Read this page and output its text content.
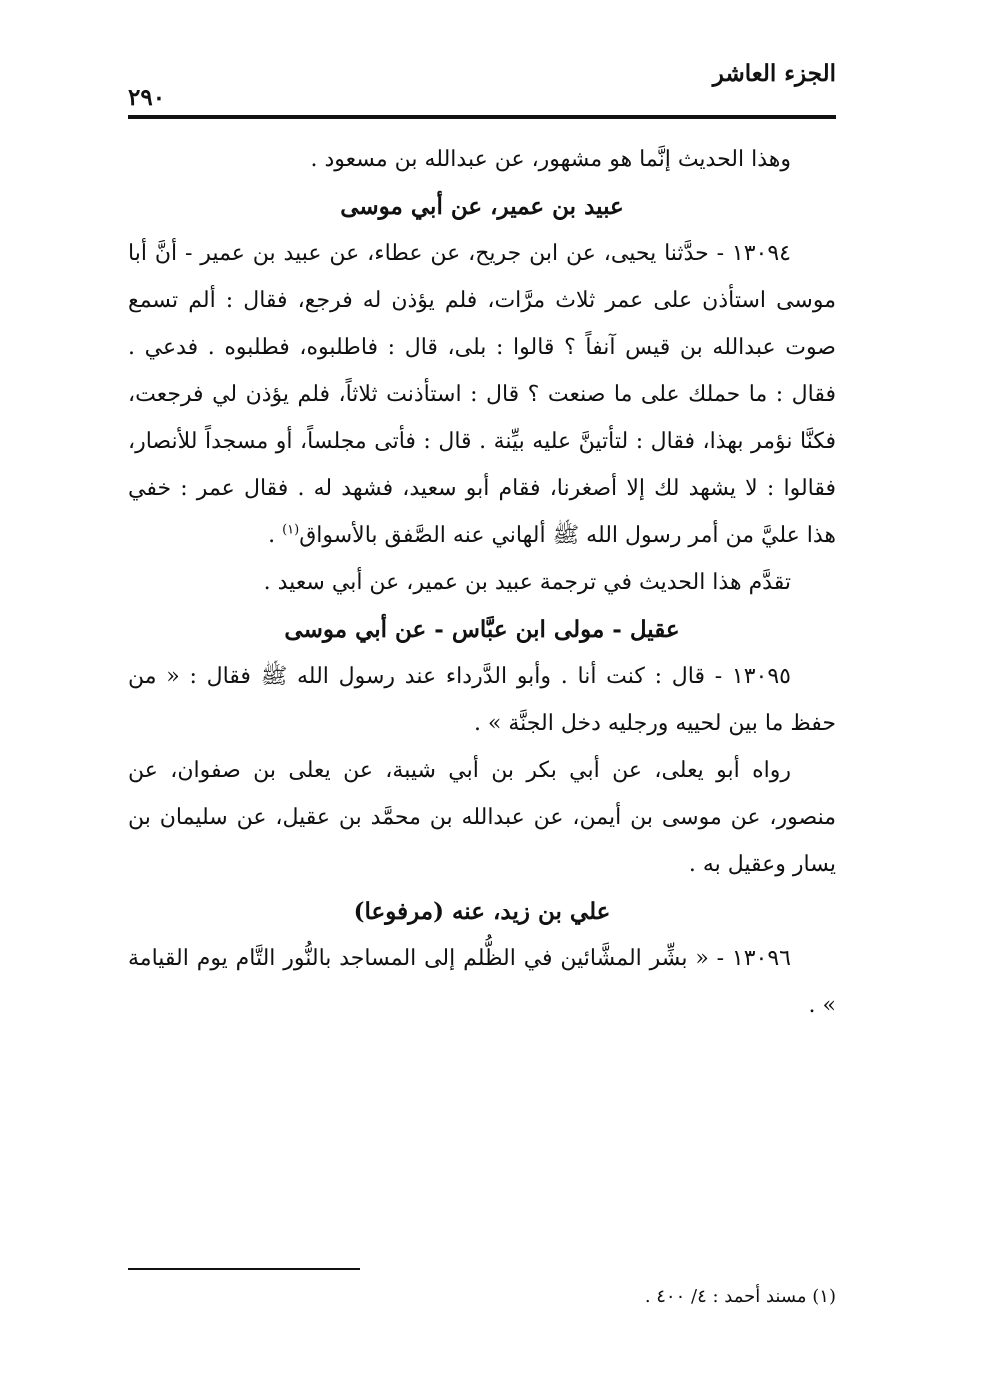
الجزء العاشر
٢٩٠

وهذا الحديث إنَّما هو مشهور، عن عبدالله بن مسعود .

عبيد بن عمير، عن أبي موسى

١٣٠٩٤ - حدَّثنا يحيى، عن ابن جريح، عن عطاء، عن عبيد بن عمير - أنَّ أبا موسى استأذن على عمر ثلاث مرَّات، فلم يؤذن له فرجع، فقال : ألم تسمع صوت عبدالله بن قيس آنفاً ؟ قالوا : بلى، قال : فاطلبوه، فطلبوه . فدعي . فقال : ما حملك على ما صنعت ؟ قال : استأذنت ثلاثاً، فلم يؤذن لي فرجعت، فكنَّا نؤمر بهذا، فقال : لتأتينَّ عليه بيِّنة . قال : فأتى مجلساً، أو مسجداً للأنصار، فقالوا : لا يشهد لك إلا أصغرنا، فقام أبو سعيد، فشهد له . فقال عمر : خفي هذا عليَّ من أمر رسول الله ﷺ ألهاني عنه الصَّفق بالأسواق$^{(١)}$ .

تقدَّم هذا الحديث في ترجمة عبيد بن عمير، عن أبي سعيد .

عقيل - مولى ابن عبَّاس - عن أبي موسى

١٣٠٩٥ - قال : كنت أنا . وأبو الدَّرداء عند رسول الله ﷺ فقال : « من حفظ ما بين لحييه ورجليه دخل الجنَّة » .

رواه أبو يعلى، عن أبي بكر بن أبي شيبة، عن يعلى بن صفوان، عن منصور، عن موسى بن أيمن، عن عبدالله بن محمَّد بن عقيل، عن سليمان بن يسار وعقيل به .

علي بن زيد، عنه (مرفوعا)

١٣٠٩٦ - « بشِّر المشَّائين في الظُّلم إلى المساجد بالنُّور التَّام يوم القيامة » .

(١) مسند أحمد : ٤/ ٤٠٠ .
